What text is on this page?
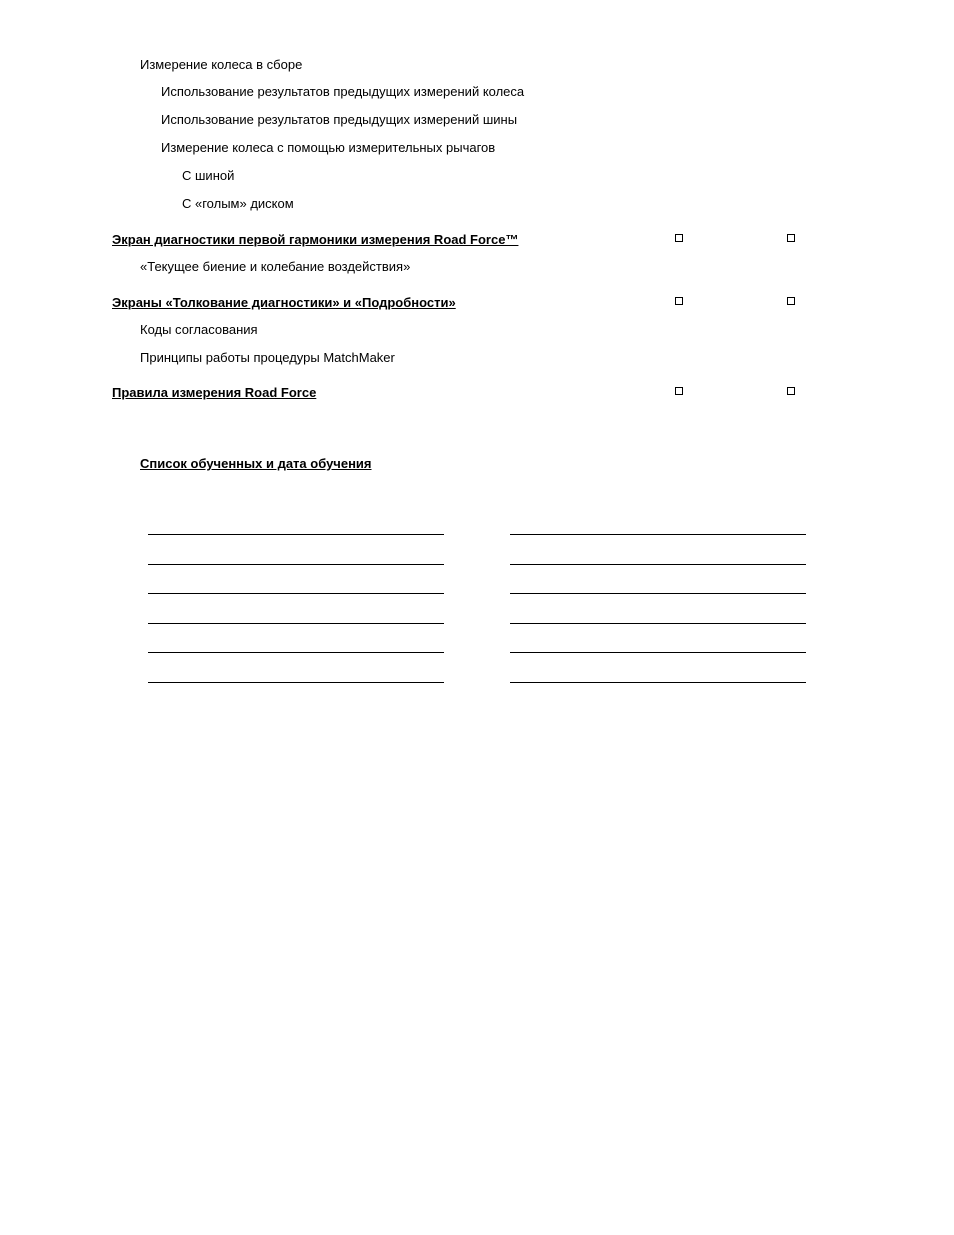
Измерение колеса в сборе
Использование результатов предыдущих измерений колеса
Использование результатов предыдущих измерений шины
Измерение колеса с помощью измерительных рычагов
С шиной
С «голым» диском
Экран диагностики первой гармоники измерения Road Force™
«Текущее биение и колебание воздействия»
Экраны «Толкование диагностики» и «Подробности»
Коды согласования
Принципы работы процедуры MatchMaker
Правила измерения Road Force
Список обученных и дата обучения
